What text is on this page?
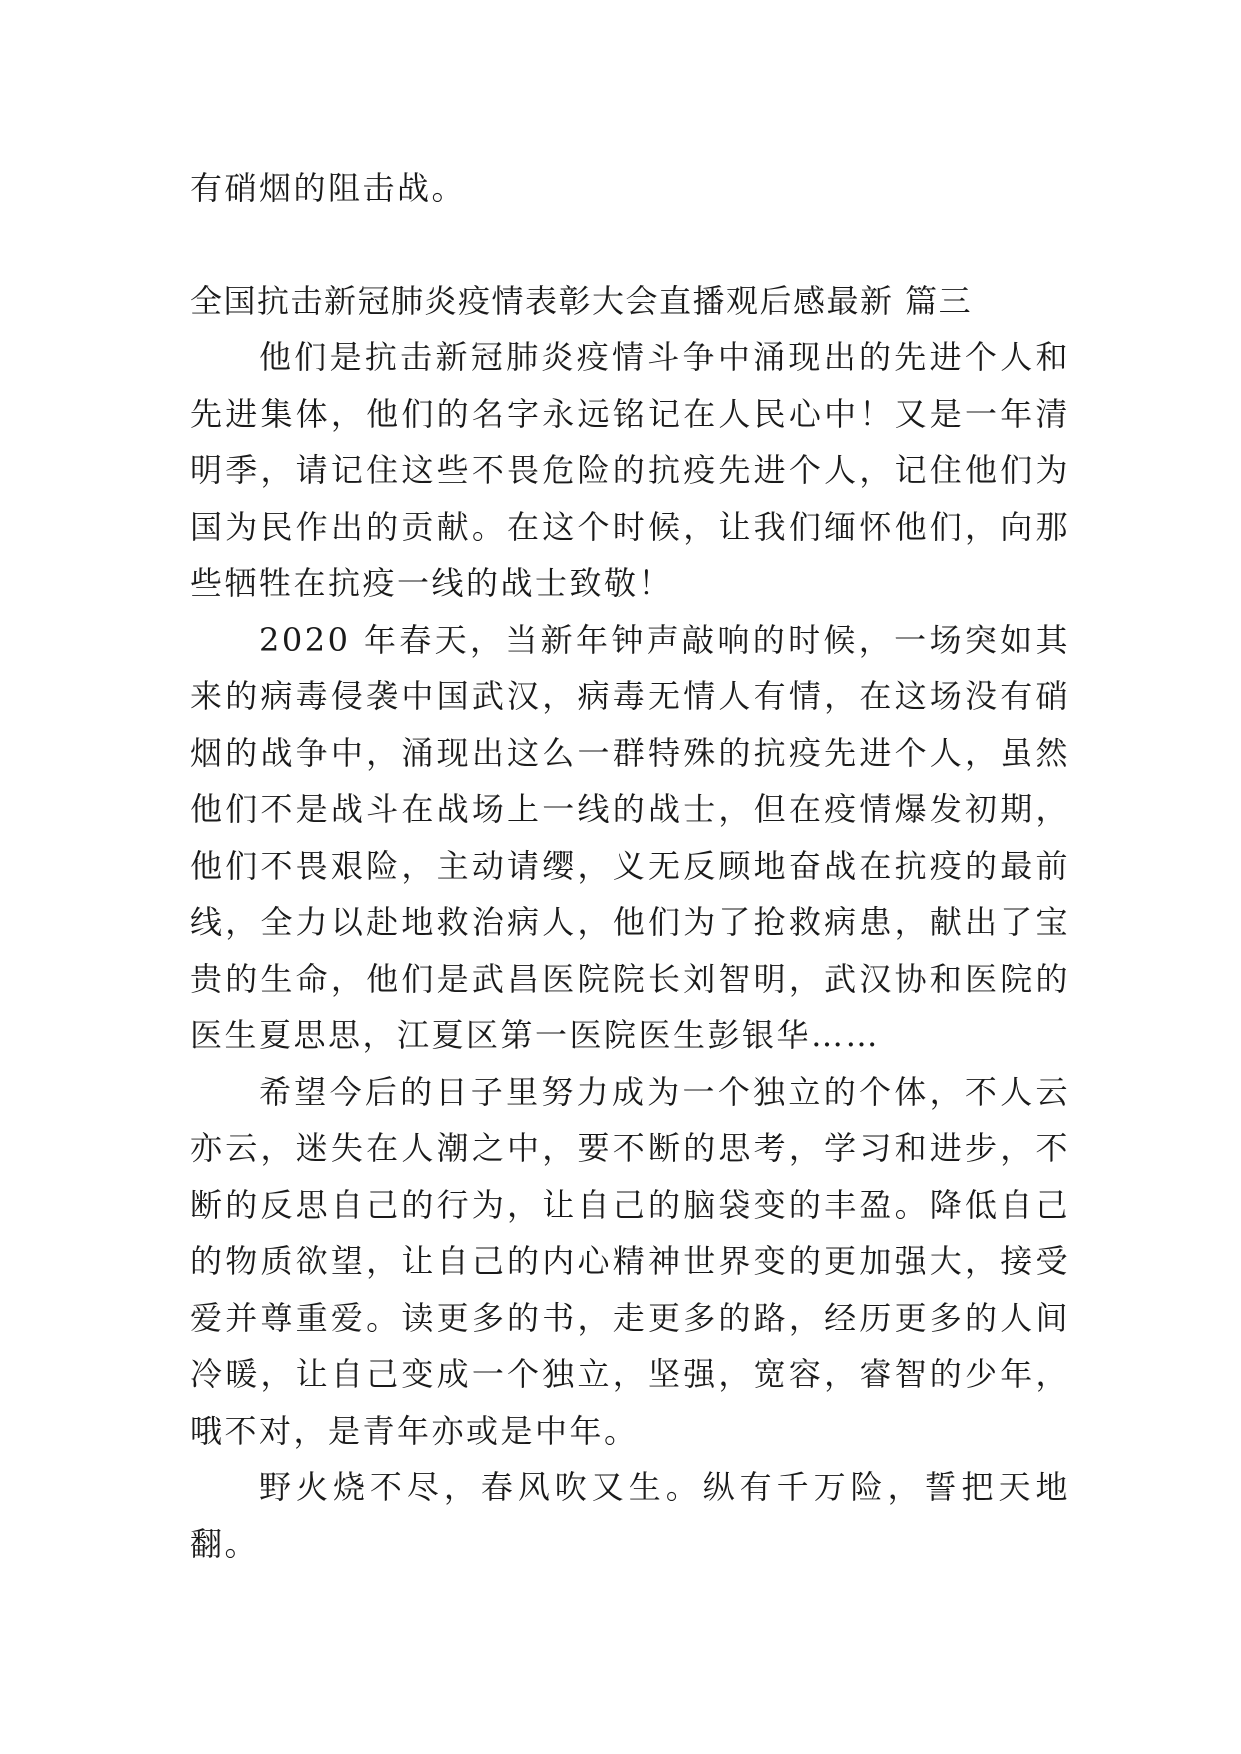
有硝烟的阻击战。

全国抗击新冠肺炎疫情表彰大会直播观后感最新 篇三

他们是抗击新冠肺炎疫情斗争中涌现出的先进个人和先进集体，他们的名字永远铭记在人民心中！又是一年清明季，请记住这些不畏危险的抗疫先进个人，记住他们为国为民作出的贡献。在这个时候，让我们缅怀他们，向那些牺牲在抗疫一线的战士致敬！

2020 年春天，当新年钟声敲响的时候，一场突如其来的病毒侵袭中国武汉，病毒无情人有情，在这场没有硝烟的战争中，涌现出这么一群特殊的抗疫先进个人，虽然他们不是战斗在战场上一线的战士，但在疫情爆发初期，他们不畏艰险，主动请缨，义无反顾地奋战在抗疫的最前线，全力以赴地救治病人，他们为了抢救病患，献出了宝贵的生命，他们是武昌医院院长刘智明，武汉协和医院的医生夏思思，江夏区第一医院医生彭银华……

希望今后的日子里努力成为一个独立的个体，不人云亦云，迷失在人潮之中，要不断的思考，学习和进步，不断的反思自己的行为，让自己的脑袋变的丰盈。降低自己的物质欲望，让自己的内心精神世界变的更加强大，接受爱并尊重爱。读更多的书，走更多的路，经历更多的人间冷暖，让自己变成一个独立，坚强，宽容，睿智的少年，哦不对，是青年亦或是中年。

野火烧不尽，春风吹又生。纵有千万险，誓把天地翻。
